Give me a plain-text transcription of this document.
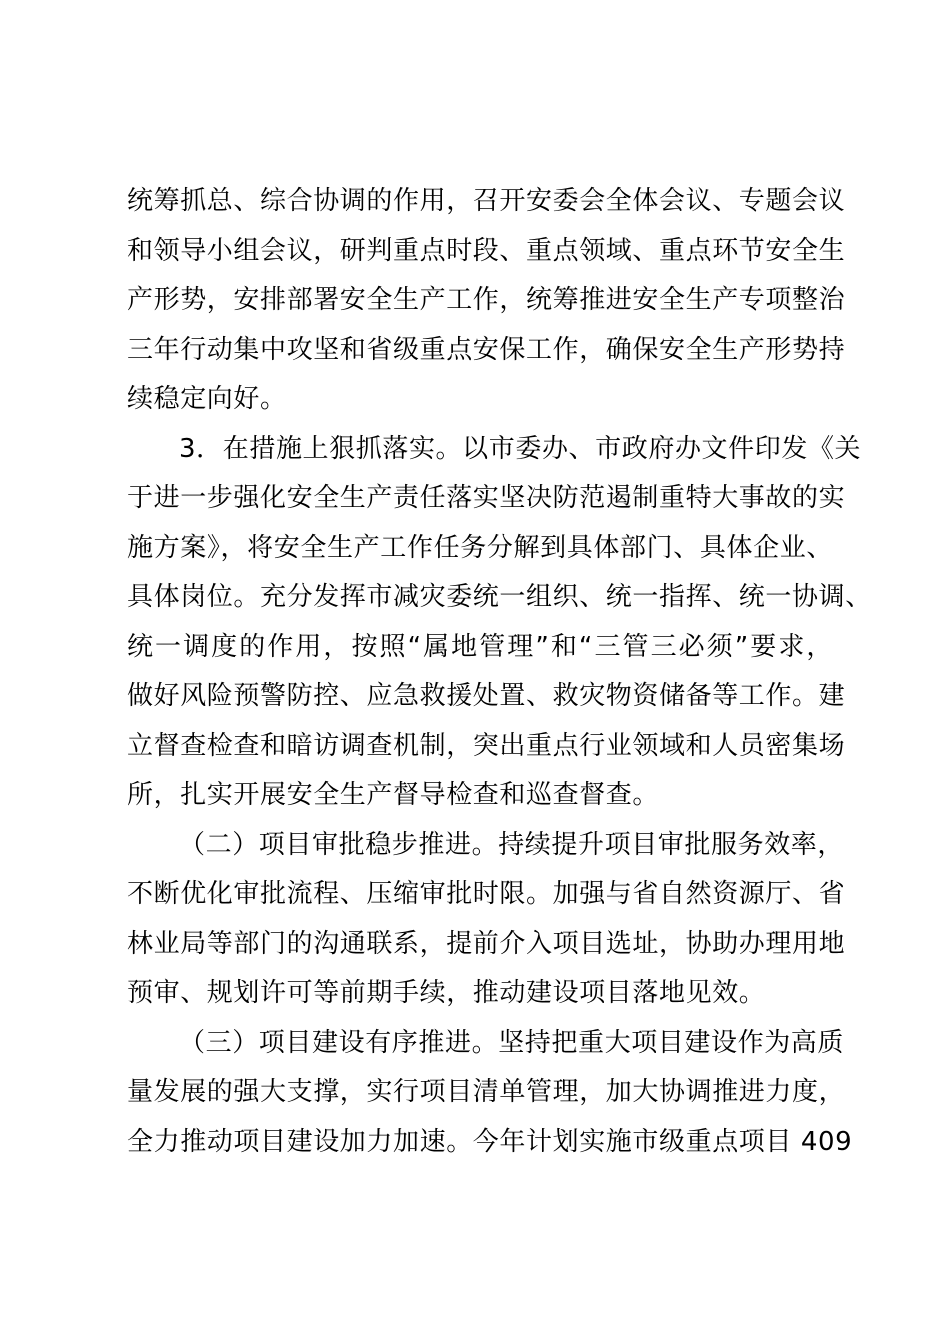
统筹抓总、综合协调的作用，召开安委会全体会议、专题会议
和领导小组会议，研判重点时段、重点领域、重点环节安全生
产形势，安排部署安全生产工作，统筹推进安全生产专项整治
三年行动集中攻坚和省级重点安保工作，确保安全生产形势持
续稳定向好。
3．在措施上狠抓落实。以市委办、市政府办文件印发《关
于进一步强化安全生产责任落实坚决防范遏制重特大事故的实
施方案》，将安全生产工作任务分解到具体部门、具体企业、
具体岗位。充分发挥市减灾委统一组织、统一指挥、统一协调、
统一调度的作用，按照“属地管理”和“三管三必须”要求，
做好风险预警防控、应急救援处置、救灾物资储备等工作。建
立督查检查和暗访调查机制，突出重点行业领域和人员密集场
所，扎实开展安全生产督导检查和巡查督查。
（二）项目审批稳步推进。持续提升项目审批服务效率，
不断优化审批流程、压缩审批时限。加强与省自然资源厅、省
林业局等部门的沟通联系，提前介入项目选址，协助办理用地
预审、规划许可等前期手续，推动建设项目落地见效。
（三）项目建设有序推进。坚持把重大项目建设作为高质
量发展的强大支撑，实行项目清单管理，加大协调推进力度，
全力推动项目建设加力加速。今年计划实施市级重点项目 409
